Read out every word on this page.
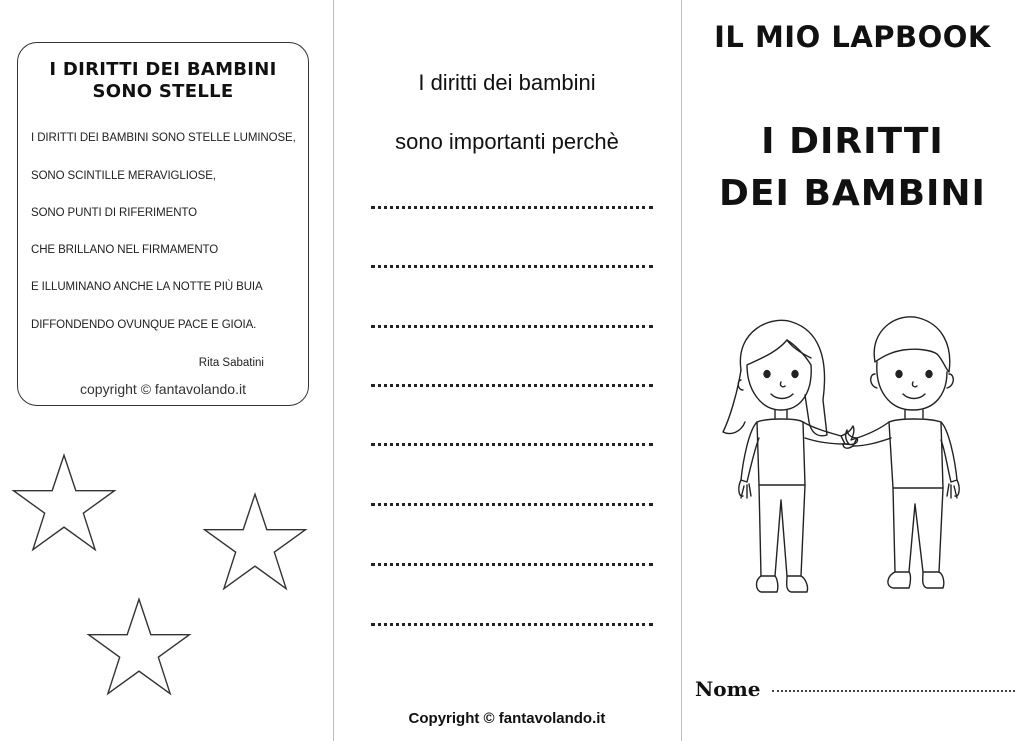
I DIRITTI DEI BAMBINI
SONO STELLE
I DIRITTI DEI BAMBINI SONO STELLE LUMINOSE,
SONO SCINTILLE MERAVIGLIOSE,
SONO PUNTI DI RIFERIMENTO
CHE BRILLANO NEL FIRMAMENTO
E ILLUMINANO ANCHE LA NOTTE PIÙ BUIA
DIFFONDENDO OVUNQUE PACE E GIOIA.
Rita Sabatini
copyright © fantavolando.it
I diritti dei bambini
sono importanti perchè
Copyright © fantavolando.it
IL MIO LAPBOOK
I DIRITTI
DEI BAMBINI
Nome
